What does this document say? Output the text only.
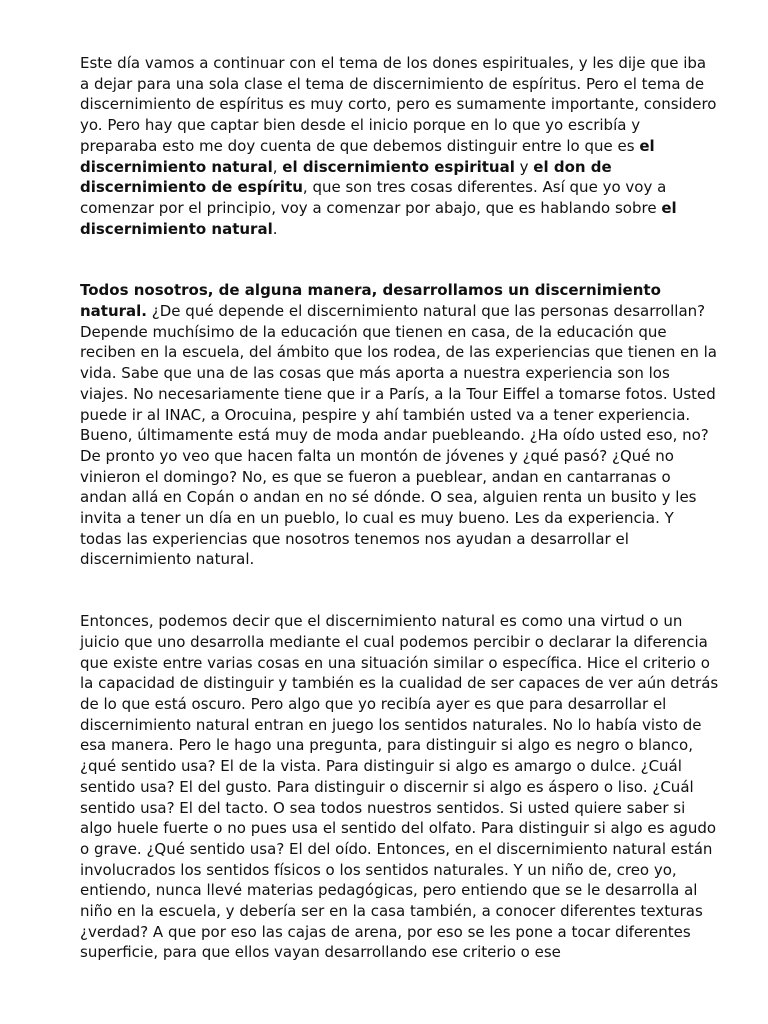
Este día vamos a continuar con el tema de los dones espirituales, y les dije que iba a dejar para una sola clase el tema de discernimiento de espíritus. Pero el tema de discernimiento de espíritus es muy corto, pero es sumamente importante, considero yo. Pero hay que captar bien desde el inicio porque en lo que yo escribía y preparaba esto me doy cuenta de que debemos distinguir entre lo que es el discernimiento natural, el discernimiento espiritual y el don de discernimiento de espíritu, que son tres cosas diferentes. Así que yo voy a comenzar por el principio, voy a comenzar por abajo, que es hablando sobre el discernimiento natural.

Todos nosotros, de alguna manera, desarrollamos un discernimiento natural. ¿De qué depende el discernimiento natural que las personas desarrollan? Depende muchísimo de la educación que tienen en casa, de la educación que reciben en la escuela, del ámbito que los rodea, de las experiencias que tienen en la vida. Sabe que una de las cosas que más aporta a nuestra experiencia son los viajes. No necesariamente tiene que ir a París, a la Tour Eiffel a tomarse fotos. Usted puede ir al INAC, a Orocuina, pespire y ahí también usted va a tener experiencia. Bueno, últimamente está muy de moda andar puebleando. ¿Ha oído usted eso, no? De pronto yo veo que hacen falta un montón de jóvenes y ¿qué pasó? ¿Qué no vinieron el domingo? No, es que se fueron a pueblear, andan en cantarranas o andan allá en Copán o andan en no sé dónde. O sea, alguien renta un busito y les invita a tener un día en un pueblo, lo cual es muy bueno. Les da experiencia. Y todas las experiencias que nosotros tenemos nos ayudan a desarrollar el discernimiento natural.

Entonces, podemos decir que el discernimiento natural es como una virtud o un juicio que uno desarrolla mediante el cual podemos percibir o declarar la diferencia que existe entre varias cosas en una situación similar o específica. Hice el criterio o la capacidad de distinguir y también es la cualidad de ser capaces de ver aún detrás de lo que está oscuro. Pero algo que yo recibía ayer es que para desarrollar el discernimiento natural entran en juego los sentidos naturales. No lo había visto de esa manera. Pero le hago una pregunta, para distinguir si algo es negro o blanco, ¿qué sentido usa? El de la vista. Para distinguir si algo es amargo o dulce. ¿Cuál sentido usa? El del gusto. Para distinguir o discernir si algo es áspero o liso. ¿Cuál sentido usa? El del tacto. O sea todos nuestros sentidos. Si usted quiere saber si algo huele fuerte o no pues usa el sentido del olfato. Para distinguir si algo es agudo o grave. ¿Qué sentido usa? El del oído. Entonces, en el discernimiento natural están involucrados los sentidos físicos o los sentidos naturales. Y un niño de, creo yo, entiendo, nunca llevé materias pedagógicas, pero entiendo que se le desarrolla al niño en la escuela, y debería ser en la casa también, a conocer diferentes texturas ¿verdad? A que por eso las cajas de arena, por eso se les pone a tocar diferentes superficie, para que ellos vayan desarrollando ese criterio o ese
